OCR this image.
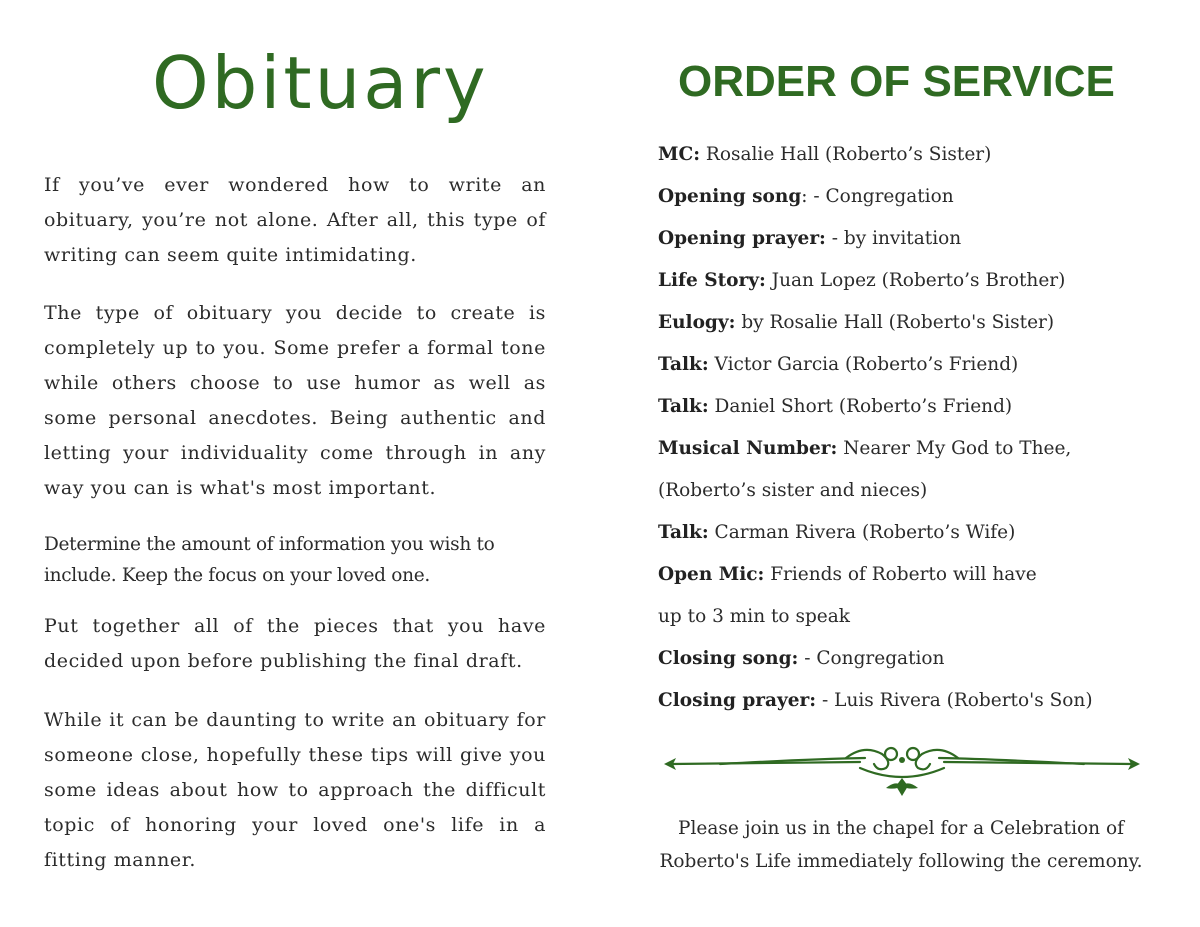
Obituary

If you’ve ever wondered how to write an obituary, you’re not alone. After all, this type of writing can seem quite intimidating.

The type of obituary you decide to create is completely up to you. Some prefer a formal tone while others choose to use humor as well as some personal anecdotes. Being authentic and letting your individuality come through in any way you can is what's most important.

Determine the amount of information you wish to include. Keep the focus on your loved one.

Put together all of the pieces that you have decided upon before publishing the final draft.

While it can be daunting to write an obituary for someone close, hopefully these tips will give you some ideas about how to approach the difficult topic of honoring your loved one's life in a fitting manner.

ORDER OF SERVICE
MC: Rosalie Hall (Roberto’s Sister)
Opening song: - Congregation
Opening prayer: - by invitation
Life Story: Juan Lopez (Roberto’s Brother)
Eulogy: by Rosalie Hall (Roberto's Sister)
Talk: Victor Garcia (Roberto’s Friend)
Talk: Daniel Short (Roberto’s Friend)
Musical Number: Nearer My God to Thee,
(Roberto’s sister and nieces)
Talk: Carman Rivera (Roberto’s Wife)
Open Mic: Friends of Roberto will have
up to 3 min to speak
Closing song: - Congregation
Closing prayer: - Luis Rivera (Roberto's Son)

Please join us in the chapel for a Celebration of
Roberto's Life immediately following the ceremony.
